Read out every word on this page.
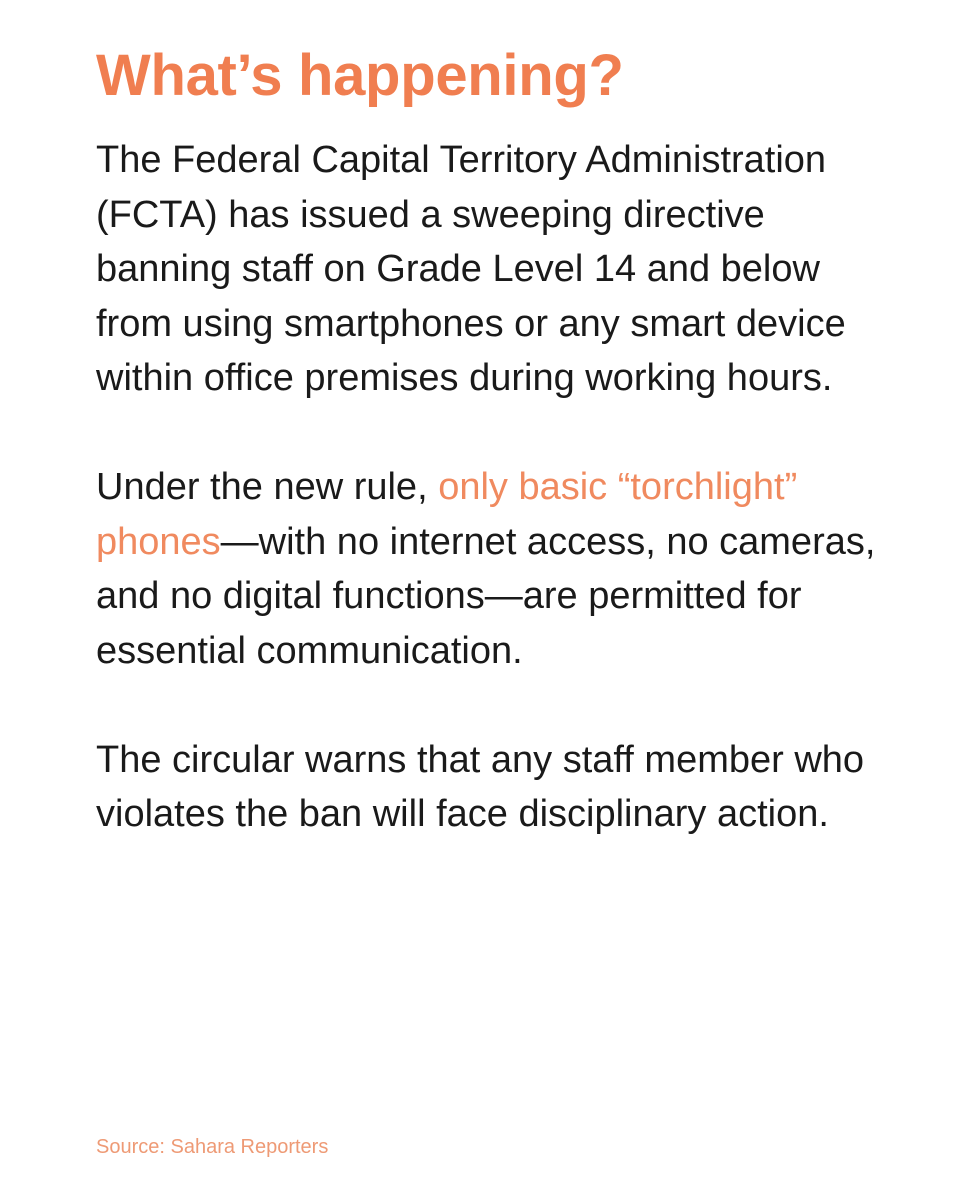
What’s happening?

The Federal Capital Territory Administration (FCTA) has issued a sweeping directive banning staff on Grade Level 14 and below from using smartphones or any smart device within office premises during working hours.

Under the new rule, only basic “torchlight” phones—with no internet access, no cameras, and no digital functions—are permitted for essential communication.

The circular warns that any staff member who violates the ban will face disciplinary action.

Source: Sahara Reporters
